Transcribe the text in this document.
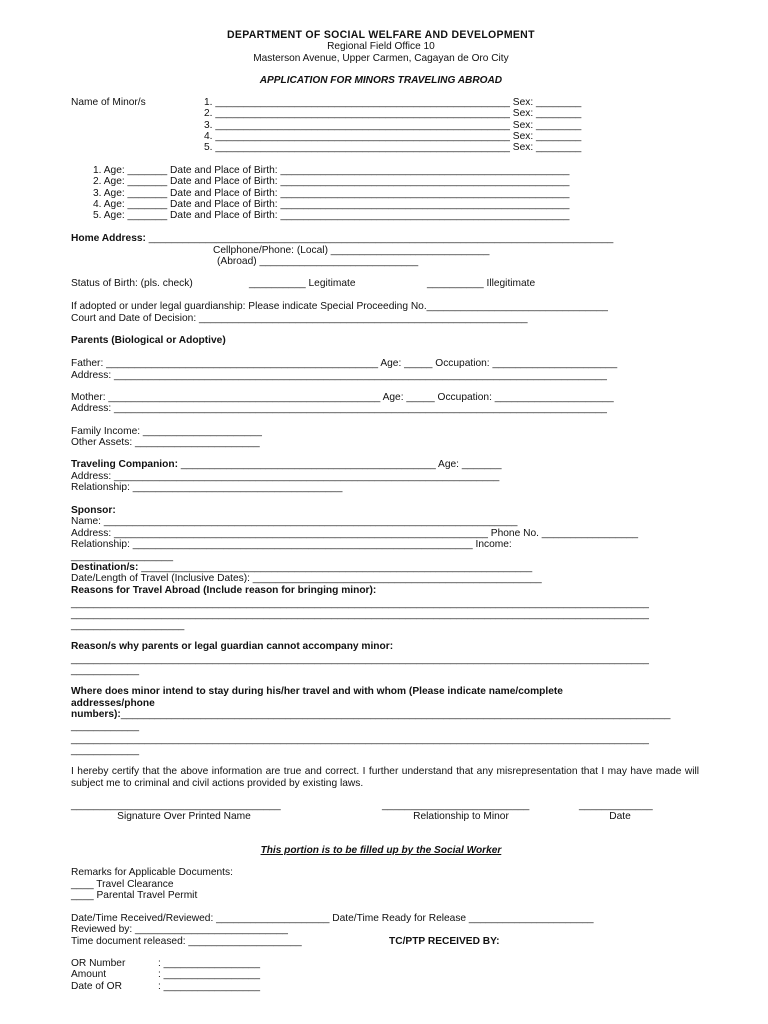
DEPARTMENT OF SOCIAL WELFARE AND DEVELOPMENT
Regional Field Office 10
Masterson Avenue, Upper Carmen, Cagayan de Oro City
APPLICATION FOR MINORS TRAVELING ABROAD
Name of Minor/s	1. ____________________________________________________ Sex: ________
2. ____________________________________________________ Sex: ________
3. ____________________________________________________ Sex: ________
4. ____________________________________________________ Sex: ________
5. ____________________________________________________ Sex: ________
1. Age: _______ Date and Place of Birth: ___________________________________________________
2. Age: _______ Date and Place of Birth: ___________________________________________________
3. Age: _______ Date and Place of Birth: ___________________________________________________
4. Age: _______ Date and Place of Birth: ___________________________________________________
5. Age: _______ Date and Place of Birth: ___________________________________________________
Home Address: __________________________________________________________________________________
Cellphone/Phone: (Local) ____________________________
(Abroad) ____________________________
Status of Birth: (pls. check)	__________ Legitimate	__________ Illegitimate
If adopted or under legal guardianship: Please indicate Special Proceeding No.________________________________
Court and Date of Decision: __________________________________________________________
Parents (Biological or Adoptive)
Father: ________________________________________________ Age: _____ Occupation: ______________________
Address: _______________________________________________________________________________________
Mother: ________________________________________________ Age: _____ Occupation: _____________________
Address: _______________________________________________________________________________________
Family Income: _____________________
Other Assets: ______________________
Traveling Companion: _____________________________________________ Age: _______
Address: ____________________________________________________________________
Relationship: _____________________________________
Sponsor:
Name: _________________________________________________________________________
Address: __________________________________________________________________ Phone No. _________________
Relationship: ____________________________________________________________ Income:
__________________
Destination/s: _____________________________________________________________________
Date/Length of Travel (Inclusive Dates): ___________________________________________________
Reasons for Travel Abroad (Include reason for bringing minor):
______________________________________________________________________________________________________
______________________________________________________________________________________________________
____________________
Reason/s why parents or legal guardian cannot accompany minor:
______________________________________________________________________________________________________
____________
Where does minor intend to stay during his/her travel and with whom (Please indicate name/complete
addresses/phone
numbers):_________________________________________________________________________________________________
____________
______________________________________________________________________________________________________
____________
I hereby certify that the above information are true and correct. I further understand that any misrepresentation that I may have made will subject me to criminal and civil actions provided by existing laws.
_____________________________________
Signature Over Printed Name
__________________________
Relationship to Minor
_____________
Date
This portion is to be filled up by the Social Worker
Remarks for Applicable Documents:
____ Travel Clearance
____ Parental Travel Permit
Date/Time Received/Reviewed: ____________________ Date/Time Ready for Release ______________________
Reviewed by: ___________________________
Time document released: ____________________	TC/PTP RECEIVED BY:
OR Number	: _________________
Amount	: _________________
Date of OR	: _________________
